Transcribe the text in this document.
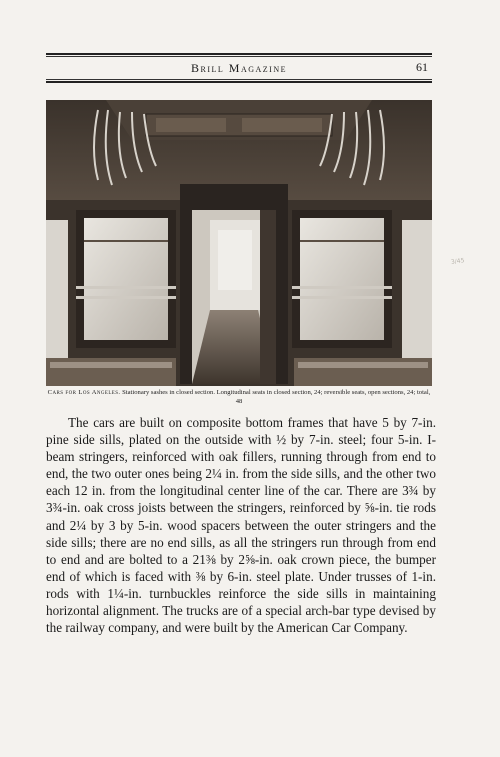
Brill Magazine	61
Cars for Los Angeles. Stationary sashes in closed section. Longitudinal seats in closed section, 24; reversible seats, open sections, 24; total, 48

The cars are built on composite bottom frames that have 5 by 7-in. pine side sills, plated on the outside with ½ by 7-in. steel; four 5-in. I-beam stringers, reinforced with oak fillers, running through from end to end, the two outer ones being 2¼ in. from the side sills, and the other two each 12 in. from the longitudinal center line of the car. There are 3¾ by 3¾-in. oak cross joists between the stringers, reinforced by ⅝-in. tie rods and 2¼ by 3 by 5-in. wood spacers between the outer stringers and the side sills; there are no end sills, as all the stringers run through from end to end and are bolted to a 21⅜ by 2⅝-in. oak crown piece, the bumper end of which is faced with ⅜ by 6-in. steel plate. Under trusses of 1-in. rods with 1¼-in. turnbuckles reinforce the side sills in maintaining horizontal alignment. The trucks are of a special arch-bar type devised by the railway company, and were built by the American Car Company.

3/45
